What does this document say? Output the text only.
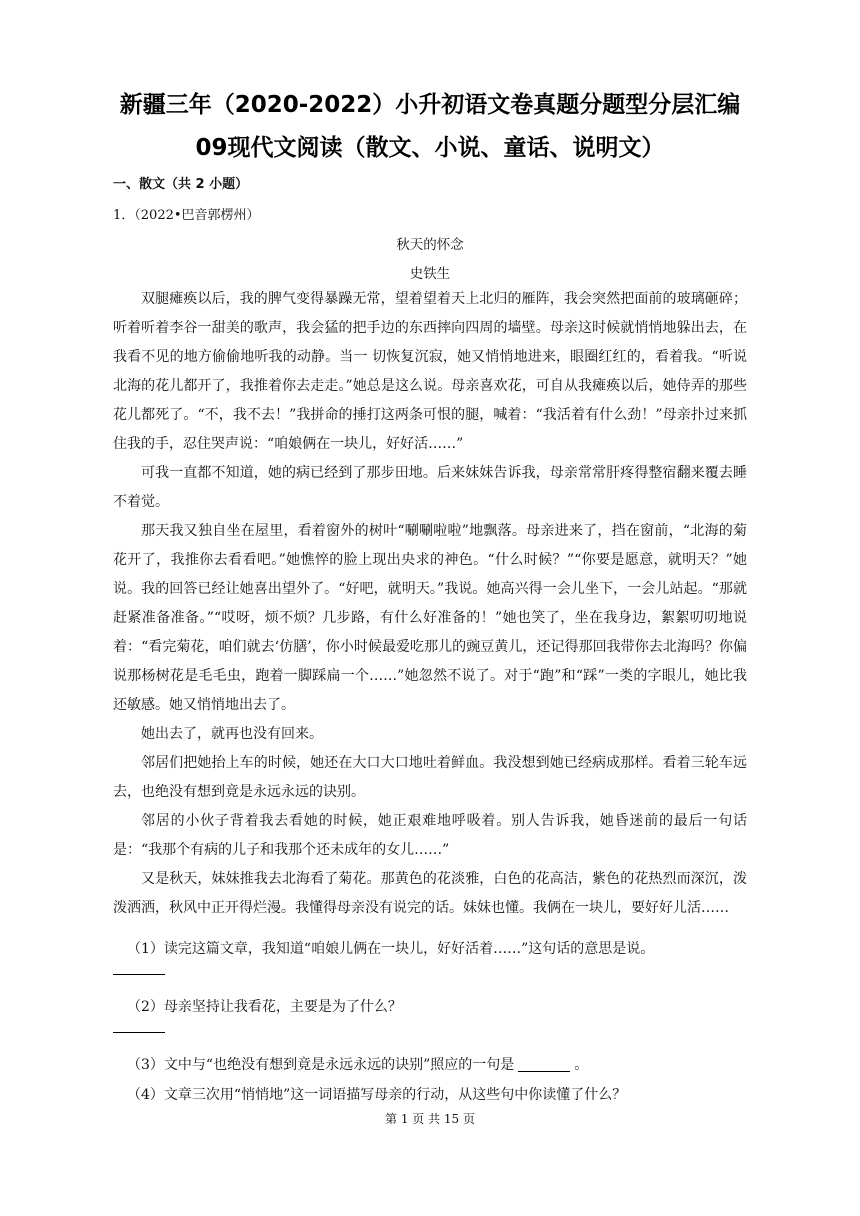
新疆三年（2020-2022）小升初语文卷真题分题型分层汇编
09现代文阅读（散文、小说、童话、说明文）
一、散文（共 2 小题）
1．（2022•巴音郭楞州）
秋天的怀念
史铁生

双腿瘫痪以后，我的脾气变得暴躁无常，望着望着天上北归的雁阵，我会突然把面前的玻璃砸碎；听着听着李谷一甜美的歌声，我会猛的把手边的东西摔向四周的墙壁。母亲这时候就悄悄地躲出去，在我看不见的地方偷偷地听我的动静。当一 切恢复沉寂，她又悄悄地进来，眼圈红红的，看着我。“听说北海的花儿都开了，我推着你去走走。”她总是这么说。母亲喜欢花，可自从我瘫痪以后，她侍弄的那些花儿都死了。“不，我不去！”我拼命的捶打这两条可恨的腿，喊着：“我活着有什么劲！”母亲扑过来抓住我的手，忍住哭声说：“咱娘俩在一块儿，好好活……”

可我一直都不知道，她的病已经到了那步田地。后来妹妹告诉我，母亲常常肝疼得整宿翻来覆去睡不着觉。

那天我又独自坐在屋里，看着窗外的树叶“唰唰啦啦”地飘落。母亲进来了，挡在窗前，“北海的菊花开了，我推你去看看吧。”她憔悴的脸上现出央求的神色。“什么时候？”“你要是愿意，就明天？”她说。我的回答已经让她喜出望外了。“好吧，就明天。”我说。她高兴得一会儿坐下，一会儿站起。“那就赶紧准备准备。”“哎呀，烦不烦？几步路，有什么好准备的！”她也笑了，坐在我身边，絮絮叨叨地说着：“看完菊花，咱们就去‘仿膳’，你小时候最爱吃那儿的豌豆黄儿，还记得那回我带你去北海吗？你偏说那杨树花是毛毛虫，跑着一脚踩扁一个……”她忽然不说了。对于“跑”和“踩”一类的字眼儿，她比我还敏感。她又悄悄地出去了。

她出去了，就再也没有回来。

邻居们把她抬上车的时候，她还在大口大口地吐着鲜血。我没想到她已经病成那样。看着三轮车远去，也绝没有想到竟是永远永远的诀别。

邻居的小伙子背着我去看她的时候，她正艰难地呼吸着。别人告诉我，她昏迷前的最后一句话是：“我那个有病的儿子和我那个还未成年的女儿……”

又是秋天，妹妹推我去北海看了菊花。那黄色的花淡雅，白色的花高洁，紫色的花热烈而深沉，泼泼洒洒，秋风中正开得烂漫。我懂得母亲没有说完的话。妹妹也懂。我俩在一块儿，要好好儿活……

（1）读完这篇文章，我知道“咱娘儿俩在一块儿，好好活着……”这句话的意思是说。
（2）母亲坚持让我看花，主要是为了什么？
（3）文中与“也绝没有想到竟是永远永远的诀别”照应的一句是	。
（4）文章三次用“悄悄地”这一词语描写母亲的行动，从这些句中你读懂了什么？
第 1 页 共 15 页
